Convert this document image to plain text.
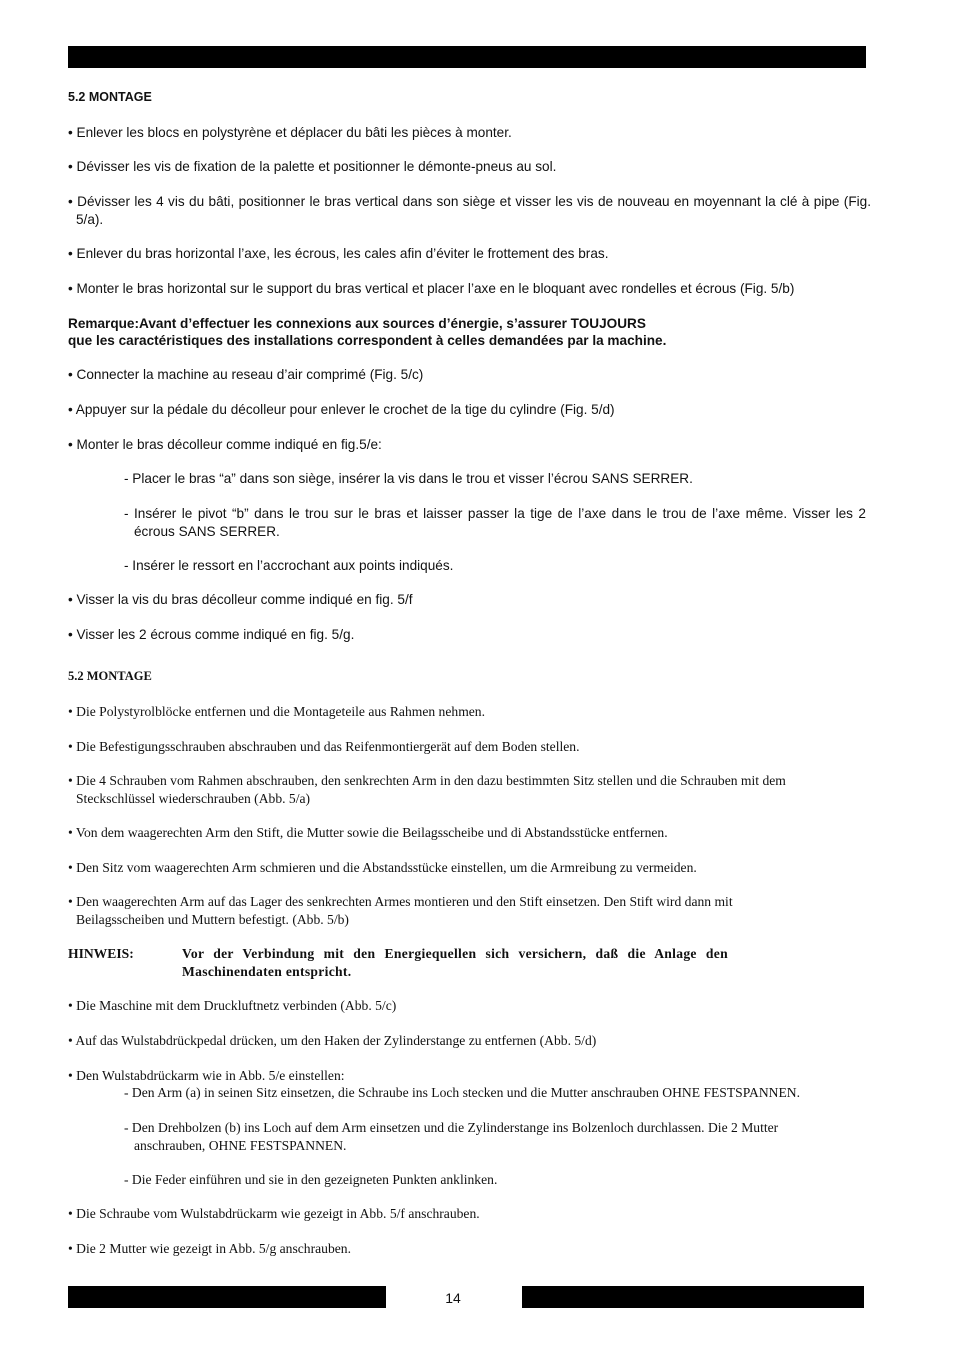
5.2 MONTAGE

• Enlever les blocs en polystyrène et déplacer du bâti les pièces à monter.

• Dévisser les vis de fixation de la palette et positionner le démonte-pneus au sol.

• Dévisser les 4 vis du bâti, positionner le bras vertical dans son siège et visser les vis de nouveau en moyennant la clé à pipe (Fig. 5/a).

• Enlever du bras horizontal l’axe, les écrous, les cales afin d’éviter le frottement des bras.

• Monter le bras horizontal sur le support du bras vertical et placer l’axe en le bloquant avec rondelles et écrous (Fig. 5/b)

Remarque:Avant d’effectuer les connexions aux sources d’énergie, s’assurer TOUJOURS

que les caractéristiques des installations correspondent à celles demandées par la machine.

• Connecter la machine au reseau d’air comprimé (Fig. 5/c)

• Appuyer sur la pédale du décolleur pour enlever le crochet de la tige du cylindre (Fig. 5/d)

• Monter le bras décolleur comme indiqué en fig.5/e:

- Placer le bras “a” dans son siège, insérer la vis dans le trou et visser l’écrou SANS SERRER.

- Insérer le pivot “b” dans le trou sur le bras et laisser passer la tige de l’axe dans le trou de l’axe même. Visser les 2 écrous SANS SERRER.

- Insérer le ressort en l’accrochant aux points indiqués.

• Visser la vis du bras décolleur comme indiqué en fig. 5/f

• Visser les 2 écrous comme indiqué en fig. 5/g.

5.2 MONTAGE

• Die Polystyrolblöcke entfernen und die Montageteile aus Rahmen nehmen.

• Die Befestigungsschrauben abschrauben und das Reifenmontiergerät auf dem Boden stellen.

• Die 4 Schrauben vom Rahmen abschrauben, den senkrechten Arm in den dazu bestimmten Sitz stellen und die Schrauben mit dem Steckschlüssel wiederschrauben (Abb. 5/a)

• Von dem waagerechten Arm den Stift, die Mutter sowie die Beilagsscheibe und di Abstandsstücke entfernen.

• Den Sitz vom waagerechten Arm schmieren und die Abstandsstücke einstellen, um die Armreibung zu vermeiden.

• Den waagerechten Arm auf das Lager des senkrechten Armes montieren und den Stift einsetzen. Den Stift wird dann mit Beilagsscheiben und Muttern befestigt. (Abb. 5/b)

HINWEIS:	Vor der Verbindung mit den Energiequellen sich versichern, daß die Anlage den Maschinendaten entspricht.

• Die Maschine mit dem Druckluftnetz verbinden (Abb. 5/c)

• Auf das Wulstabdrückpedal drücken, um den Haken der Zylinderstange zu entfernen (Abb. 5/d)

• Den Wulstabdrückarm wie in Abb. 5/e einstellen:

- Den Arm (a) in seinen Sitz einsetzen, die Schraube ins Loch stecken und die Mutter anschrauben OHNE FESTSPANNEN.

- Den Drehbolzen (b) ins Loch auf dem Arm einsetzen und die Zylinderstange ins Bolzenloch durchlassen. Die 2 Mutter anschrauben, OHNE FESTSPANNEN.

- Die Feder einführen und sie in den gezeigneten Punkten anklinken.

• Die Schraube vom Wulstabdrückarm wie gezeigt in Abb. 5/f anschrauben.

• Die 2 Mutter wie gezeigt in Abb. 5/g anschrauben.

14
